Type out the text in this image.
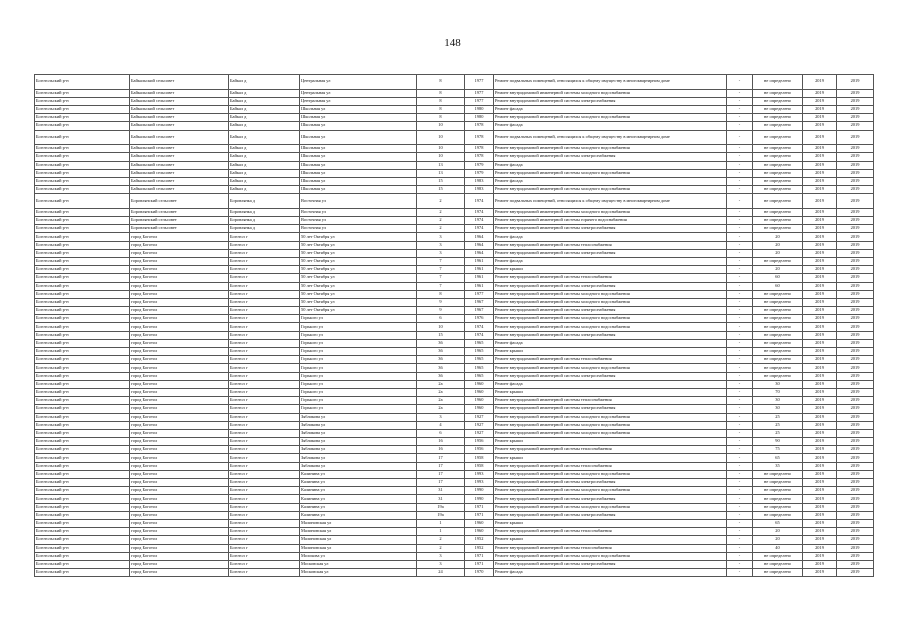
148
Боготольский р-н	Байкальский сельсовет	Байкал д	Центральная ул	8	1977	Ремонт подвальных помещений, относящихся к общему имуществу в многоквартирном доме	-	не определено	2019	2019
Боготольский р-н	Байкальский сельсовет	Байкал д	Центральная ул	8	1977	Ремонт внутридомовой инженерной системы холодного водоснабжения	-	не определено	2019	2019
Боготольский р-н	Байкальский сельсовет	Байкал д	Центральная ул	8	1977	Ремонт внутридомовой инженерной системы электроснабжения	-	не определено	2019	2019
Боготольский р-н	Байкальский сельсовет	Байкал д	Школьная ул	8	1980	Ремонт фасада	-	не определено	2019	2019
Боготольский р-н	Байкальский сельсовет	Байкал д	Школьная ул	8	1980	Ремонт внутридомовой инженерной системы холодного водоснабжения	-	не определено	2019	2019
Боготольский р-н	Байкальский сельсовет	Байкал д	Школьная ул	10	1978	Ремонт фасада	-	не определено	2019	2019
Боготольский р-н	Байкальский сельсовет	Байкал д	Школьная ул	10	1978	Ремонт подвальных помещений, относящихся к общему имуществу в многоквартирном доме	-	не определено	2019	2019
Боготольский р-н	Байкальский сельсовет	Байкал д	Школьная ул	10	1978	Ремонт внутридомовой инженерной системы холодного водоснабжения	-	не определено	2019	2019
Боготольский р-н	Байкальский сельсовет	Байкал д	Школьная ул	10	1978	Ремонт внутридомовой инженерной системы электроснабжения	-	не определено	2019	2019
Боготольский р-н	Байкальский сельсовет	Байкал д	Школьная ул	13	1979	Ремонт фасада	-	не определено	2019	2019
Боготольский р-н	Байкальский сельсовет	Байкал д	Школьная ул	13	1979	Ремонт внутридомовой инженерной системы холодного водоснабжения	-	не определено	2019	2019
Боготольский р-н	Байкальский сельсовет	Байкал д	Школьная ул	15	1983	Ремонт фасада	-	не определено	2019	2019
Боготольский р-н	Байкальский сельсовет	Байкал д	Школьная ул	15	1983	Ремонт внутридомовой инженерной системы холодного водоснабжения	-	не определено	2019	2019
Боготольский р-н	Боровлянский сельсовет	Боровлянка д	Восточная ул	2	1974	Ремонт подвальных помещений, относящихся к общему имуществу в многоквартирном доме	-	не определено	2019	2019
Боготольский р-н	Боровлянский сельсовет	Боровлянка д	Восточная ул	2	1974	Ремонт внутридомовой инженерной системы холодного водоснабжения	-	не определено	2019	2019
Боготольский р-н	Боровлянский сельсовет	Боровлянка д	Восточная ул	2	1974	Ремонт внутридомовой инженерной системы горячего водоснабжения	-	не определено	2019	2019
Боготольский р-н	Боровлянский сельсовет	Боровлянка д	Восточная ул	2	1974	Ремонт внутридомовой инженерной системы электроснабжения	-	не определено	2019	2019
Боготольский р-н	город Боготол	Боготол г	50 лет Октября ул	3	1964	Ремонт фасада	-	20	2019	2019
Боготольский р-н	город Боготол	Боготол г	50 лет Октября ул	3	1964	Ремонт внутридомовой инженерной системы теплоснабжения	-	20	2019	2019
Боготольский р-н	город Боготол	Боготол г	50 лет Октября ул	3	1964	Ремонт внутридомовой инженерной системы электроснабжения	-	20	2019	2019
Боготольский р-н	город Боготол	Боготол г	50 лет Октября ул	7	1961	Ремонт фасада	-	не определено	2019	2019
Боготольский р-н	город Боготол	Боготол г	50 лет Октября ул	7	1961	Ремонт крыши	-	20	2019	2019
Боготольский р-н	город Боготол	Боготол г	50 лет Октября ул	7	1961	Ремонт внутридомовой инженерной системы теплоснабжения	-	60	2019	2019
Боготольский р-н	город Боготол	Боготол г	50 лет Октября ул	7	1961	Ремонт внутридомовой инженерной системы электроснабжения	-	60	2019	2019
Боготольский р-н	город Боготол	Боготол г	50 лет Октября ул	8	1977	Ремонт внутридомовой инженерной системы холодного водоснабжения	-	не определено	2019	2019
Боготольский р-н	город Боготол	Боготол г	50 лет Октября ул	9	1967	Ремонт внутридомовой инженерной системы холодного водоснабжения	-	не определено	2019	2019
Боготольский р-н	город Боготол	Боготол г	50 лет Октября ул	9	1967	Ремонт внутридомовой инженерной системы электроснабжения	-	не определено	2019	2019
Боготольский р-н	город Боготол	Боготол г	Горького ул	6	1976	Ремонт внутридомовой инженерной системы холодного водоснабжения	-	не определено	2019	2019
Боготольский р-н	город Боготол	Боготол г	Горького ул	10	1974	Ремонт внутридомовой инженерной системы холодного водоснабжения	-	не определено	2019	2019
Боготольский р-н	город Боготол	Боготол г	Горького ул	15	1974	Ремонт внутридомовой инженерной системы электроснабжения	-	не определено	2019	2019
Боготольский р-н	город Боготол	Боготол г	Горького ул	36	1965	Ремонт фасада	-	не определено	2019	2019
Боготольский р-н	город Боготол	Боготол г	Горького ул	36	1965	Ремонт крыши	-	не определено	2019	2019
Боготольский р-н	город Боготол	Боготол г	Горького ул	36	1965	Ремонт внутридомовой инженерной системы теплоснабжения	-	не определено	2019	2019
Боготольский р-н	город Боготол	Боготол г	Горького ул	36	1965	Ремонт внутридомовой инженерной системы холодного водоснабжения	-	не определено	2019	2019
Боготольский р-н	город Боготол	Боготол г	Горького ул	36	1965	Ремонт внутридомовой инженерной системы электроснабжения	-	не определено	2019	2019
Боготольский р-н	город Боготол	Боготол г	Горького ул	2а	1960	Ремонт фасада	-	30	2019	2019
Боготольский р-н	город Боготол	Боготол г	Горького ул	2а	1960	Ремонт крыши	-	70	2019	2019
Боготольский р-н	город Боготол	Боготол г	Горького ул	2а	1960	Ремонт внутридомовой инженерной системы теплоснабжения	-	30	2019	2019
Боготольский р-н	город Боготол	Боготол г	Горького ул	2а	1960	Ремонт внутридомовой инженерной системы электроснабжения	-	30	2019	2019
Боготольский р-н	город Боготол	Боготол г	Зябликова ул	3	1927	Ремонт внутридомовой инженерной системы холодного водоснабжения	-	25	2019	2019
Боготольский р-н	город Боготол	Боготол г	Зябликова ул	4	1927	Ремонт внутридомовой инженерной системы холодного водоснабжения	-	25	2019	2019
Боготольский р-н	город Боготол	Боготол г	Зябликова ул	6	1927	Ремонт внутридомовой инженерной системы холодного водоснабжения	-	25	2019	2019
Боготольский р-н	город Боготол	Боготол г	Зябликова ул	16	1956	Ремонт крыши	-	90	2019	2019
Боготольский р-н	город Боготол	Боготол г	Зябликова ул	16	1956	Ремонт внутридомовой инженерной системы теплоснабжения	-	75	2019	2019
Боготольский р-н	город Боготол	Боготол г	Зябликова ул	17	1958	Ремонт крыши	-	65	2019	2019
Боготольский р-н	город Боготол	Боготол г	Зябликова ул	17	1958	Ремонт внутридомовой инженерной системы теплоснабжения	-	35	2019	2019
Боготольский р-н	город Боготол	Боготол г	Калинина ул	17	1993	Ремонт внутридомовой инженерной системы холодного водоснабжения	-	не определено	2019	2019
Боготольский р-н	город Боготол	Боготол г	Калинина ул	17	1993	Ремонт внутридомовой инженерной системы электроснабжения	-	не определено	2019	2019
Боготольский р-н	город Боготол	Боготол г	Калинина ул	31	1990	Ремонт внутридомовой инженерной системы холодного водоснабжения	-	не определено	2019	2019
Боготольский р-н	город Боготол	Боготол г	Калинина ул	31	1990	Ремонт внутридомовой инженерной системы электроснабжения	-	не определено	2019	2019
Боготольский р-н	город Боготол	Боготол г	Калинина ул	19а	1971	Ремонт внутридомовой инженерной системы холодного водоснабжения	-	не определено	2019	2019
Боготольский р-н	город Боготол	Боготол г	Калинина ул	19а	1971	Ремонт внутридомовой инженерной системы электроснабжения	-	не определено	2019	2019
Боготольский р-н	город Боготол	Боготол г	Малиновская ул	1	1960	Ремонт крыши	-	65	2019	2019
Боготольский р-н	город Боготол	Боготол г	Малиновская ул	1	1960	Ремонт внутридомовой инженерной системы теплоснабжения	-	20	2019	2019
Боготольский р-н	город Боготол	Боготол г	Малиновская ул	2	1952	Ремонт крыши	-	20	2019	2019
Боготольский р-н	город Боготол	Боготол г	Малиновская ул	2	1952	Ремонт внутридомовой инженерной системы теплоснабжения	-	40	2019	2019
Боготольский р-н	город Боготол	Боготол г	Молокова ул	3	1971	Ремонт внутридомовой инженерной системы холодного водоснабжения	-	не определено	2019	2019
Боготольский р-н	город Боготол	Боготол г	Московская ул	3	1971	Ремонт внутридомовой инженерной системы электроснабжения	-	не определено	2019	2019
Боготольский р-н	город Боготол	Боготол г	Московская ул	24	1970	Ремонт фасада	-	не определено	2019	2019
